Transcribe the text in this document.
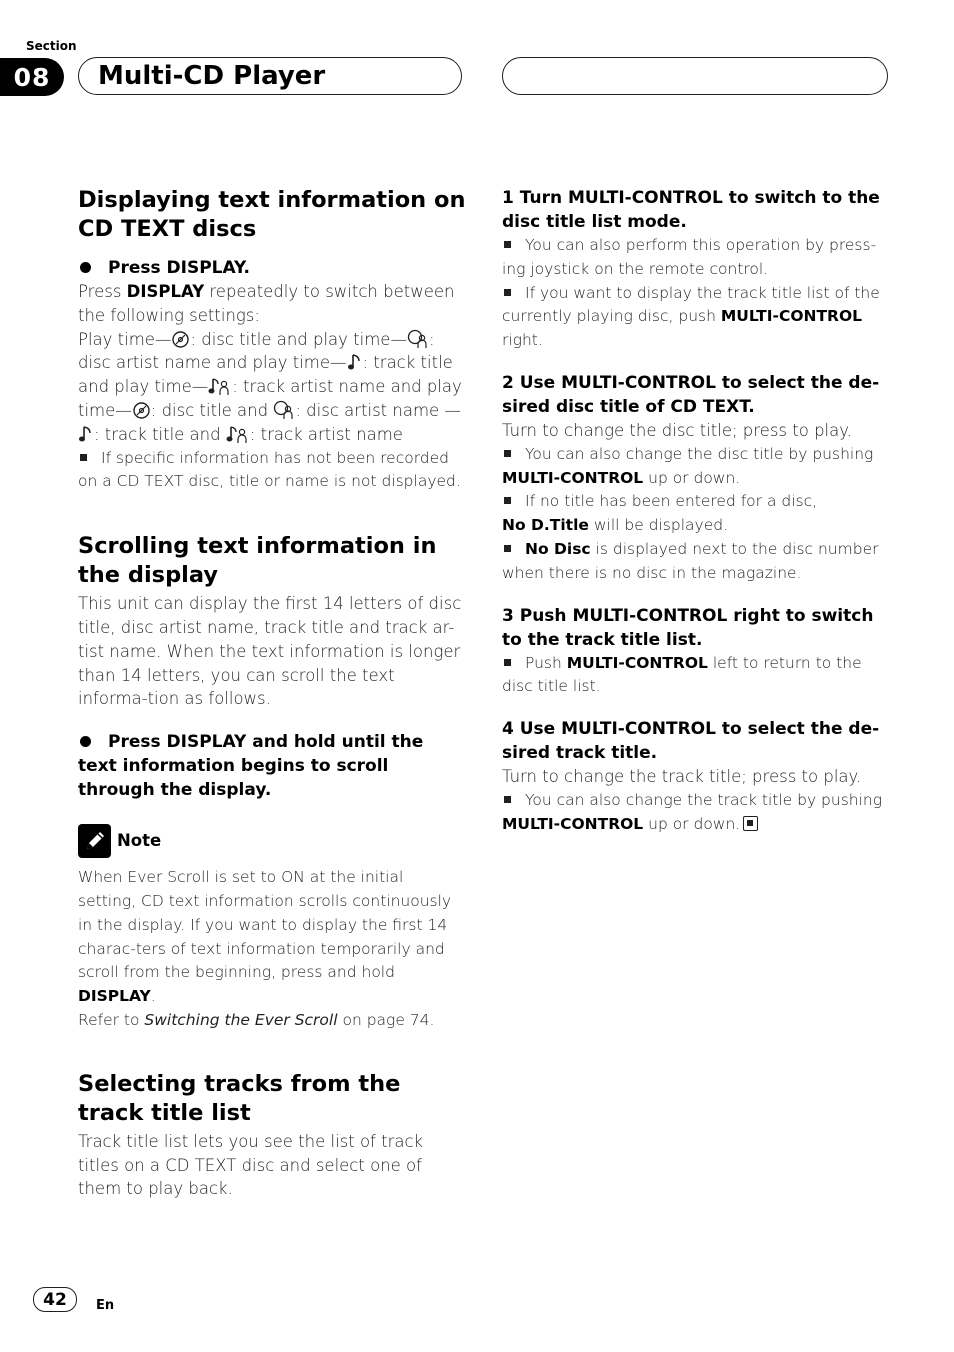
Section
08	Multi-CD Player
Displaying text information on CD TEXT discs

Press DISPLAY.

Press DISPLAY repeatedly to switch between the following settings:

Play time— : disc title and play time— : disc artist name and play time— : track title and play time— : track artist name and play time— : disc title and : disc artist name —: track title and : track artist name

If specific information has not been recorded on a CD TEXT disc, title or name is not displayed.

Scrolling text information in the display

This unit can display the first 14 letters of disc title, disc artist name, track title and track ar-tist name. When the text information is longer than 14 letters, you can scroll the text informa-tion as follows.

Press DISPLAY and hold until the text information begins to scroll through the display.

Note

When Ever Scroll is set to ON at the initial setting, CD text information scrolls continuously in the display. If you want to display the first 14 charac-ters of text information temporarily and scroll from the beginning, press and hold DISPLAY.
Refer to Switching the Ever Scroll on page 74.

Selecting tracks from the track title list

Track title list lets you see the list of track titles on a CD TEXT disc and select one of them to play back.

1 Turn MULTI-CONTROL to switch to the disc title list mode.

You can also perform this operation by press-ing joystick on the remote control.

If you want to display the track title list of the currently playing disc, push MULTI-CONTROL right.

2 Use MULTI-CONTROL to select the de-sired disc title of CD TEXT.

Turn to change the disc title; press to play.

You can also change the disc title by pushing MULTI-CONTROL up or down.

If no title has been entered for a disc,
No D.Title will be displayed.

No Disc is displayed next to the disc number when there is no disc in the magazine.

3 Push MULTI-CONTROL right to switch to the track title list.

Push MULTI-CONTROL left to return to the disc title list.

4 Use MULTI-CONTROL to select the de-sired track title.

Turn to change the track title; press to play.

You can also change the track title by pushing MULTI-CONTROL up or down.

42	En
